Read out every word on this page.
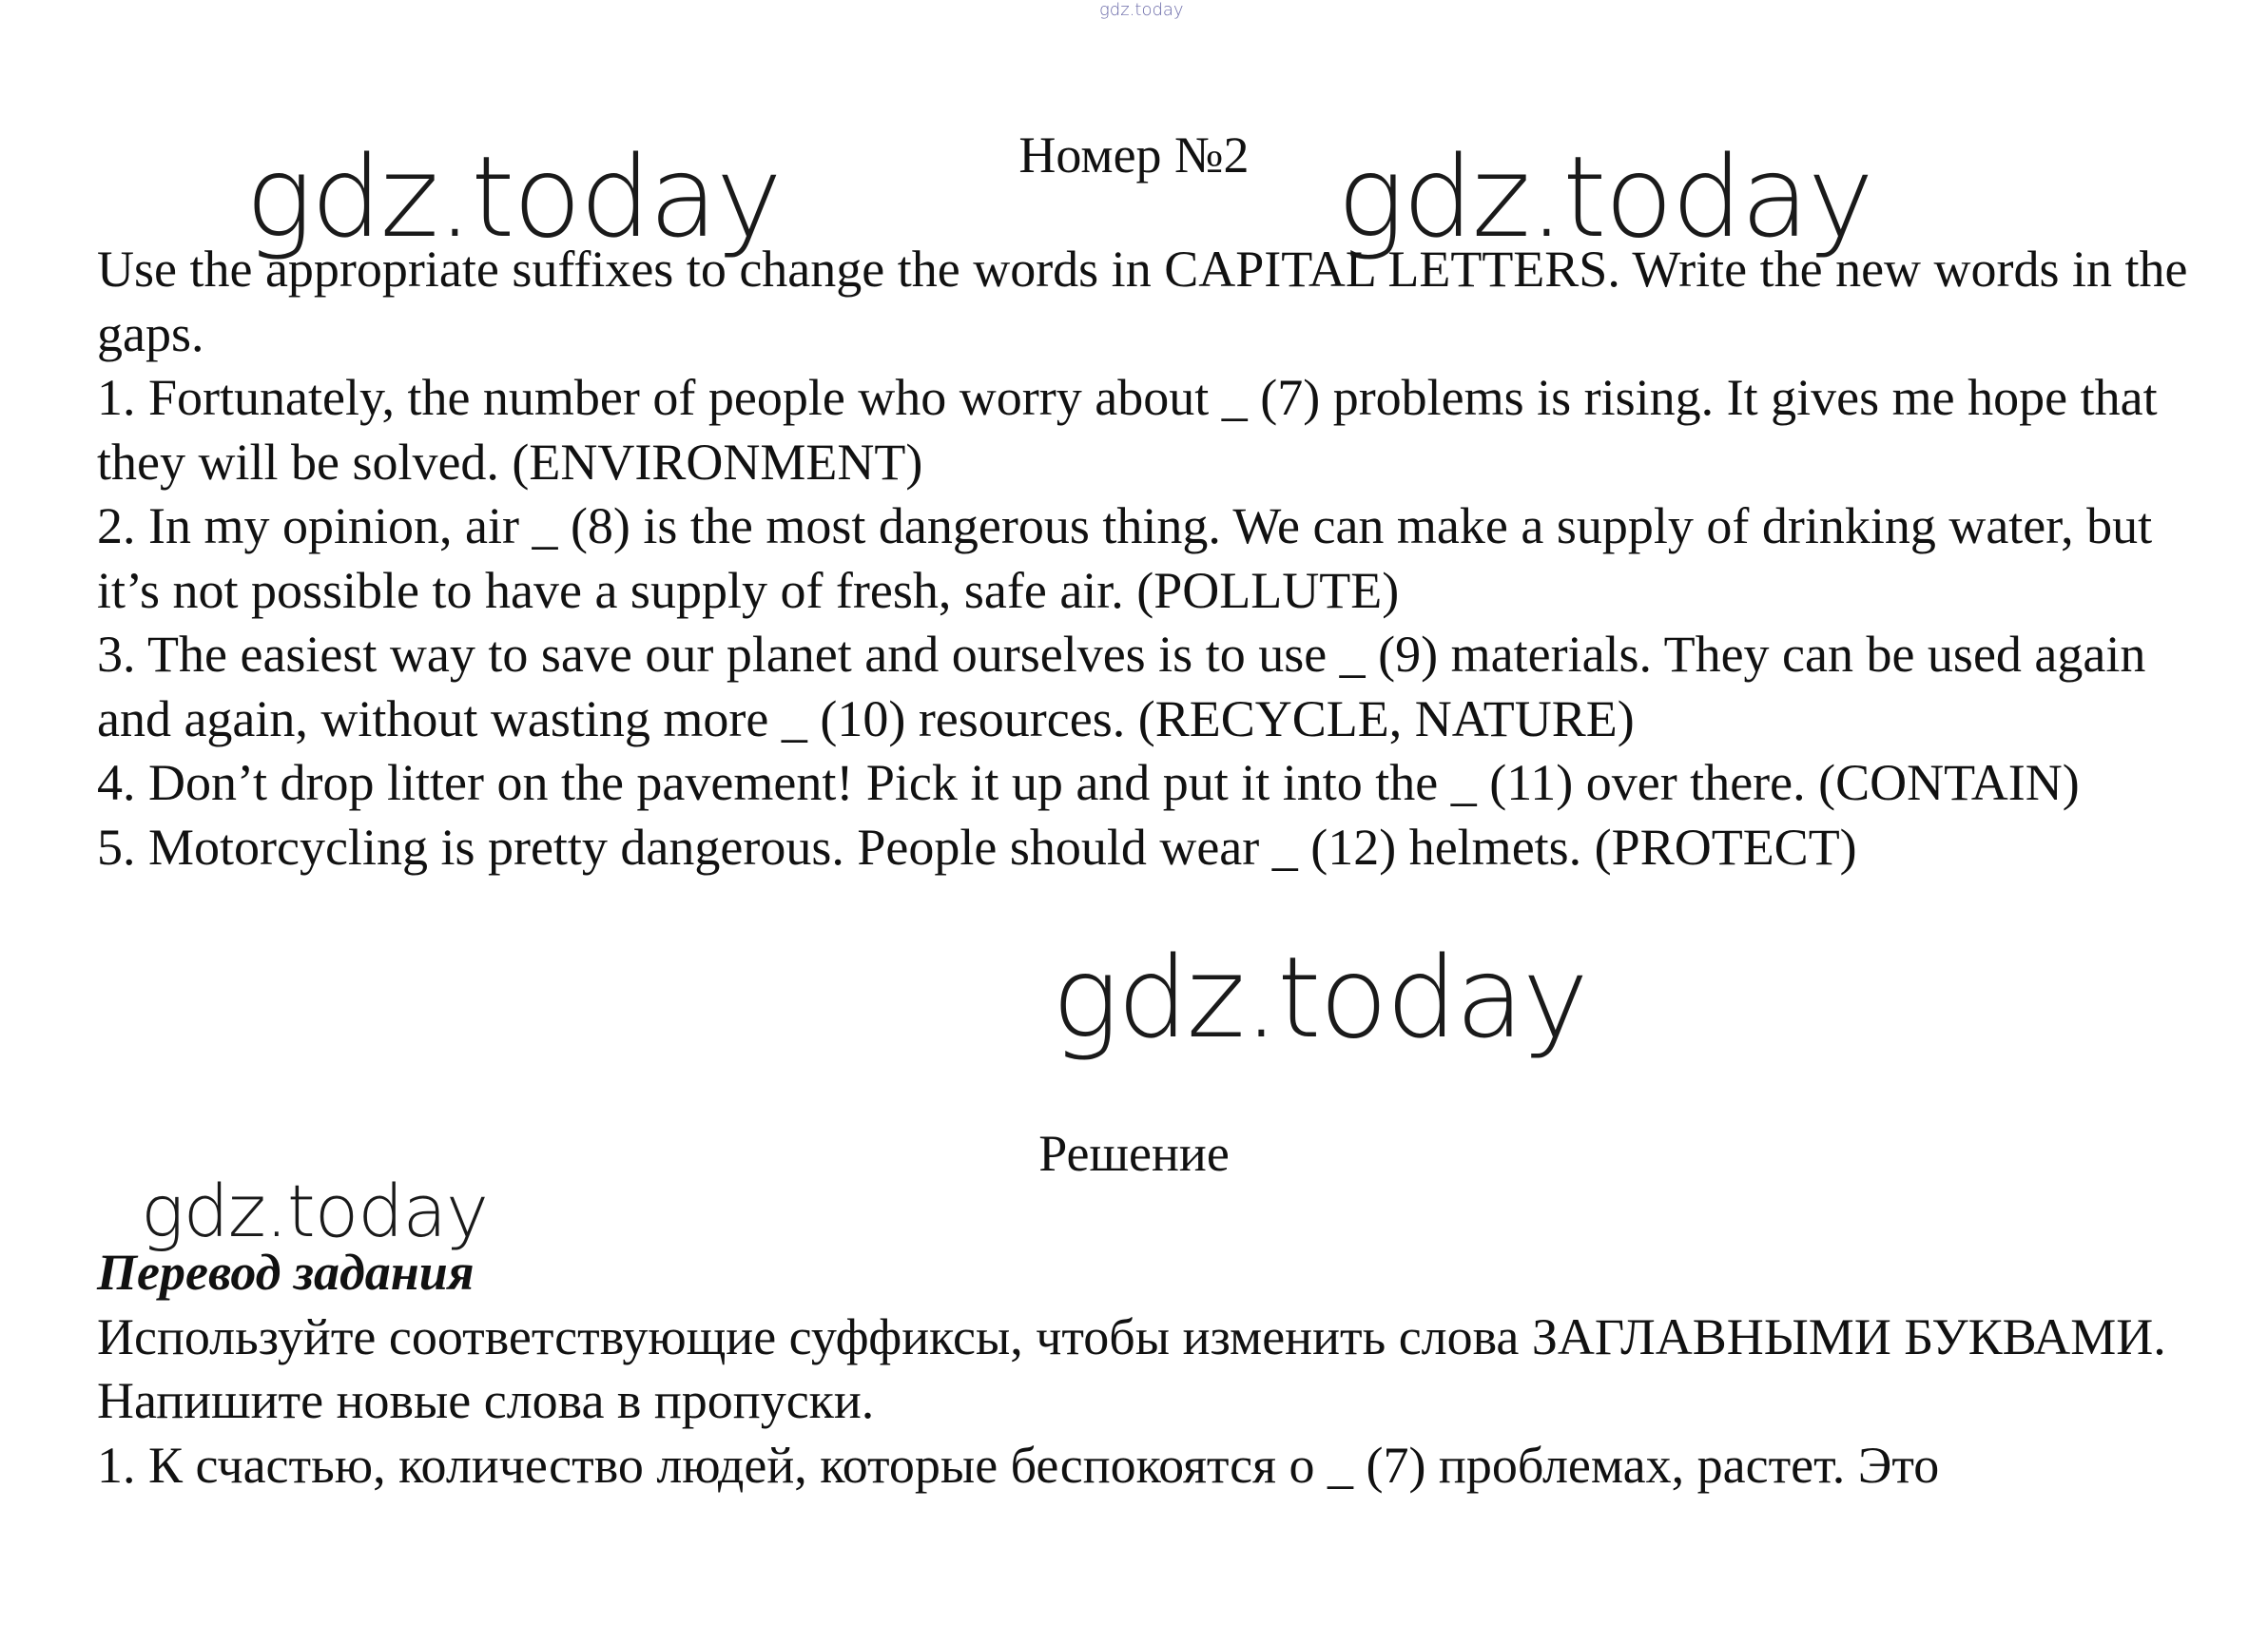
gdz.today
gdz.today	gdz.today
gdz.today
gdz.today
Номер №2

Use the appropriate suffixes to change the words in CAPITAL LETTERS. Write the new words in the gaps.

1. Fortunately, the number of people who worry about _ (7) problems is rising. It gives me hope that they will be solved. (ENVIRONMENT)

2. In my opinion, air _ (8) is the most dangerous thing. We can make a supply of drinking water, but it’s not possible to have a supply of fresh, safe air. (POLLUTE)

3. The easiest way to save our planet and ourselves is to use _ (9) materials. They can be used again and again, without wasting more _ (10) resources. (RECYCLE, NATURE)

4. Don’t drop litter on the pavement! Pick it up and put it into the _ (11) over there. (CONTAIN)

5. Motorcycling is pretty dangerous. People should wear _ (12) helmets. (PROTECT)

Решение

Перевод задания

Используйте соответствующие суффиксы, чтобы изменить слова ЗАГЛАВНЫМИ БУКВАМИ. Напишите новые слова в пропуски.

1. К счастью, количество людей, которые беспокоятся о _ (7) проблемах, растет. Это
